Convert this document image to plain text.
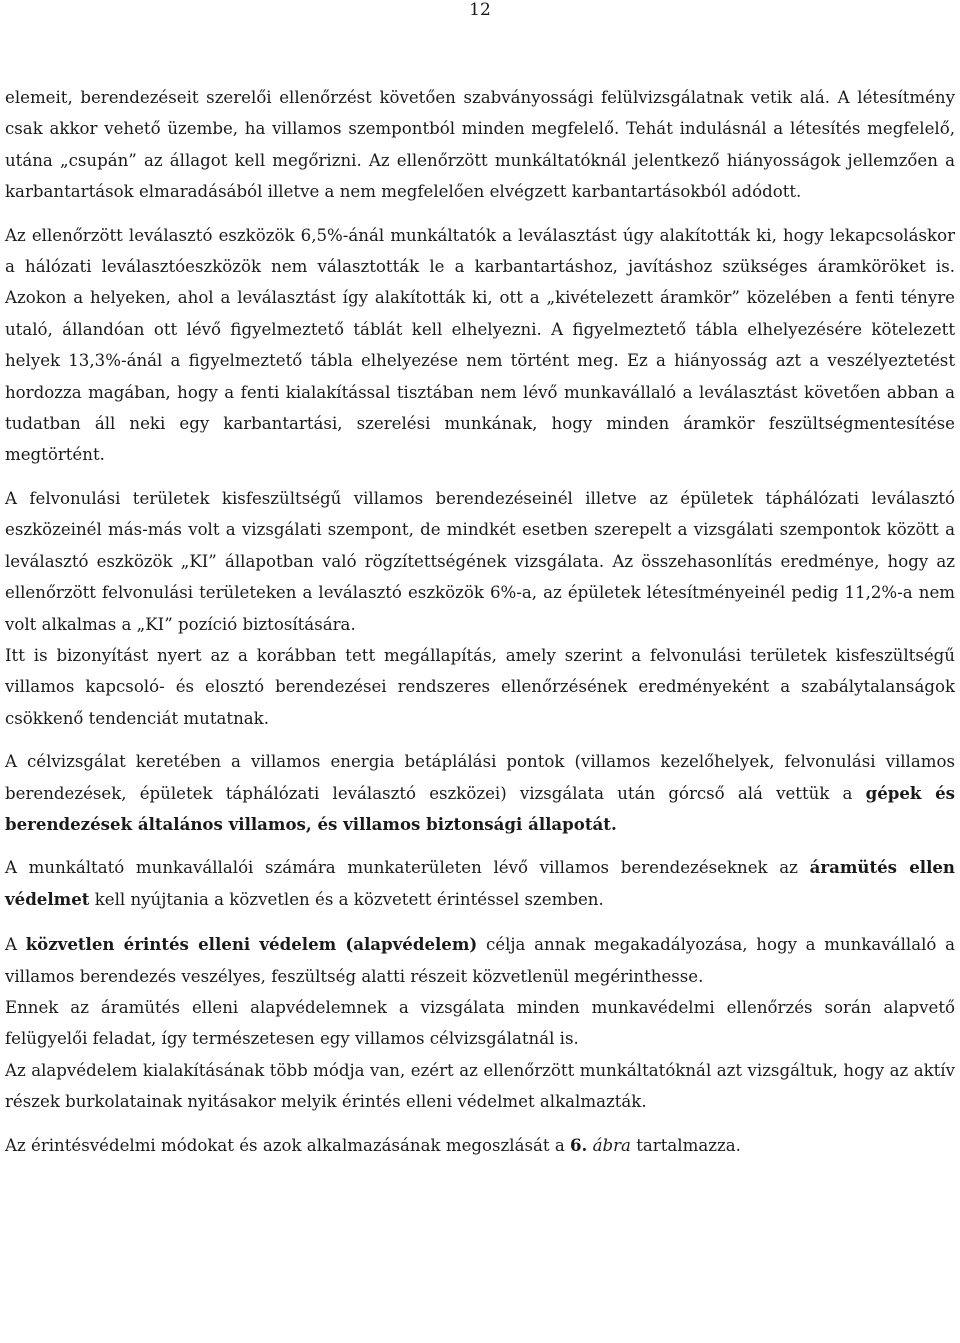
12

elemeit, berendezéseit szerelői ellenőrzést követően szabványossági felülvizsgálatnak vetik alá. A létesítmény csak akkor vehető üzembe, ha villamos szempontból minden megfelelő. Tehát indulásnál a létesítés megfelelő, utána „csupán” az állagot kell megőrizni. Az ellenőrzött munkáltatóknál jelentkező hiányosságok jellemzően a karbantartások elmaradásából illetve a nem megfelelően elvégzett karbantartásokból adódott.

Az ellenőrzött leválasztó eszközök 6,5%-ánál munkáltatók a leválasztást úgy alakították ki, hogy lekapcsoláskor a hálózati leválasztóeszközök nem választották le a karbantartáshoz, javításhoz szükséges áramköröket is. Azokon a helyeken, ahol a leválasztást így alakították ki, ott a „kivételezett áramkör” közelében a fenti tényre utaló, állandóan ott lévő figyelmeztető táblát kell elhelyezni. A figyelmeztető tábla elhelyezésére kötelezett helyek 13,3%-ánál a figyelmeztető tábla elhelyezése nem történt meg. Ez a hiányosság azt a veszélyeztetést hordozza magában, hogy a fenti kialakítással tisztában nem lévő munkavállaló a leválasztást követően abban a tudatban áll neki egy karbantartási, szerelési munkának, hogy minden áramkör feszültségmentesítése megtörtént.

A felvonulási területek kisfeszültségű villamos berendezéseinél illetve az épületek táphálózati leválasztó eszközeinél más-más volt a vizsgálati szempont, de mindkét esetben szerepelt a vizsgálati szempontok között a leválasztó eszközök „KI” állapotban való rögzítettségének vizsgálata. Az összehasonlítás eredménye, hogy az ellenőrzött felvonulási területeken a leválasztó eszközök 6%-a, az épületek létesítményeinél pedig 11,2%-a nem volt alkalmas a „KI” pozíció biztosítására.

Itt is bizonyítást nyert az a korábban tett megállapítás, amely szerint a felvonulási területek kisfeszültségű villamos kapcsoló- és elosztó berendezései rendszeres ellenőrzésének eredményeként a szabálytalanságok csökkenő tendenciát mutatnak.

A célvizsgálat keretében a villamos energia betáplálási pontok (villamos kezelőhelyek, felvonulási villamos berendezések, épületek táphálózati leválasztó eszközei) vizsgálata után górcső alá vettük a gépek és berendezések általános villamos, és villamos biztonsági állapotát.

A munkáltató munkavállalói számára munkaterületen lévő villamos berendezéseknek az áramütés ellen védelmet kell nyújtania a közvetlen és a közvetett érintéssel szemben.

A közvetlen érintés elleni védelem (alapvédelem) célja annak megakadályozása, hogy a munkavállaló a villamos berendezés veszélyes, feszültség alatti részeit közvetlenül megérinthesse.

Ennek az áramütés elleni alapvédelemnek a vizsgálata minden munkavédelmi ellenőrzés során alapvető felügyelői feladat, így természetesen egy villamos célvizsgálatnál is.

Az alapvédelem kialakításának több módja van, ezért az ellenőrzött munkáltatóknál azt vizsgáltuk, hogy az aktív részek burkolatainak nyitásakor melyik érintés elleni védelmet alkalmazták.

Az érintésvédelmi módokat és azok alkalmazásának megoszlását a 6. ábra tartalmazza.
